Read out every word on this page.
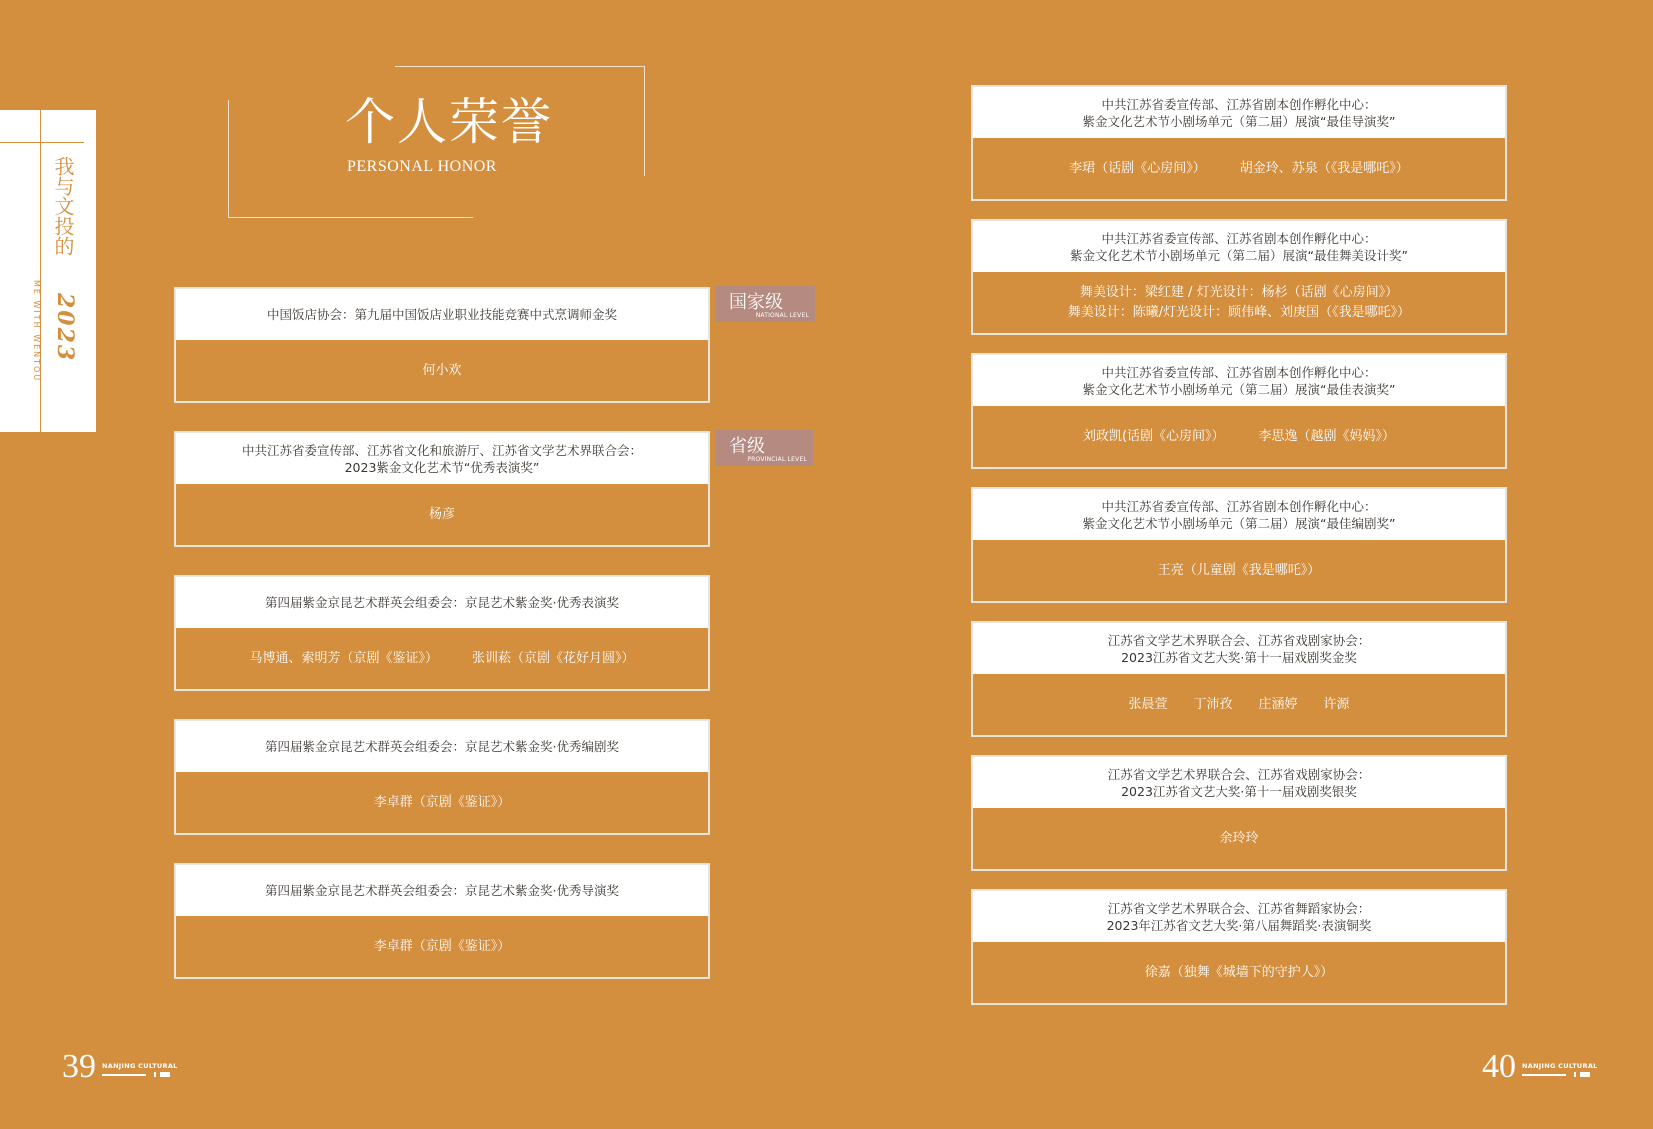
我与文投的
ME WITH WENTOU 2023
个人荣誉
PERSONAL HONOR
国家级
NATIONAL LEVEL
省级
PROVINCIAL LEVEL
中国饭店协会：第九届中国饭店业职业技能竞赛中式烹调师金奖
何小欢
中共江苏省委宣传部、江苏省文化和旅游厅、江苏省文学艺术界联合会：
2023紫金文化艺术节“优秀表演奖”
杨彦
第四届紫金京昆艺术群英会组委会：京昆艺术紫金奖·优秀表演奖
马博通、索明芳（京剧《鉴证》）	张训菘（京剧《花好月圆》）
第四届紫金京昆艺术群英会组委会：京昆艺术紫金奖·优秀编剧奖
李卓群（京剧《鉴证》）
第四届紫金京昆艺术群英会组委会：京昆艺术紫金奖·优秀导演奖
李卓群（京剧《鉴证》）
中共江苏省委宣传部、江苏省剧本创作孵化中心：
紫金文化艺术节小剧场单元（第二届）展演“最佳导演奖”
李珺（话剧《心房间》）	胡金玲、苏泉（《我是哪吒》）
中共江苏省委宣传部、江苏省剧本创作孵化中心：
紫金文化艺术节小剧场单元（第二届）展演“最佳舞美设计奖”
舞美设计：梁红建 / 灯光设计：杨杉（话剧《心房间》）
舞美设计：陈曦/灯光设计：顾伟峰、刘庚国（《我是哪吒》）
中共江苏省委宣传部、江苏省剧本创作孵化中心：
紫金文化艺术节小剧场单元（第二届）展演“最佳表演奖”
刘政凯(话剧《心房间》）	李思逸（越剧《妈妈》）
中共江苏省委宣传部、江苏省剧本创作孵化中心：
紫金文化艺术节小剧场单元（第二届）展演“最佳编剧奖”
王亮（儿童剧《我是哪吒》）
江苏省文学艺术界联合会、江苏省戏剧家协会：
2023江苏省文艺大奖·第十一届戏剧奖金奖
张晨萱 丁沛孜 庄涵婷 许源
江苏省文学艺术界联合会、江苏省戏剧家协会：
2023江苏省文艺大奖·第十一届戏剧奖银奖
余玲玲
江苏省文学艺术界联合会、江苏省舞蹈家协会：
2023年江苏省文艺大奖·第八届舞蹈奖·表演铜奖
徐嘉（独舞《城墙下的守护人》）
39 NANJING CULTURAL	40 NANJING CULTURAL
